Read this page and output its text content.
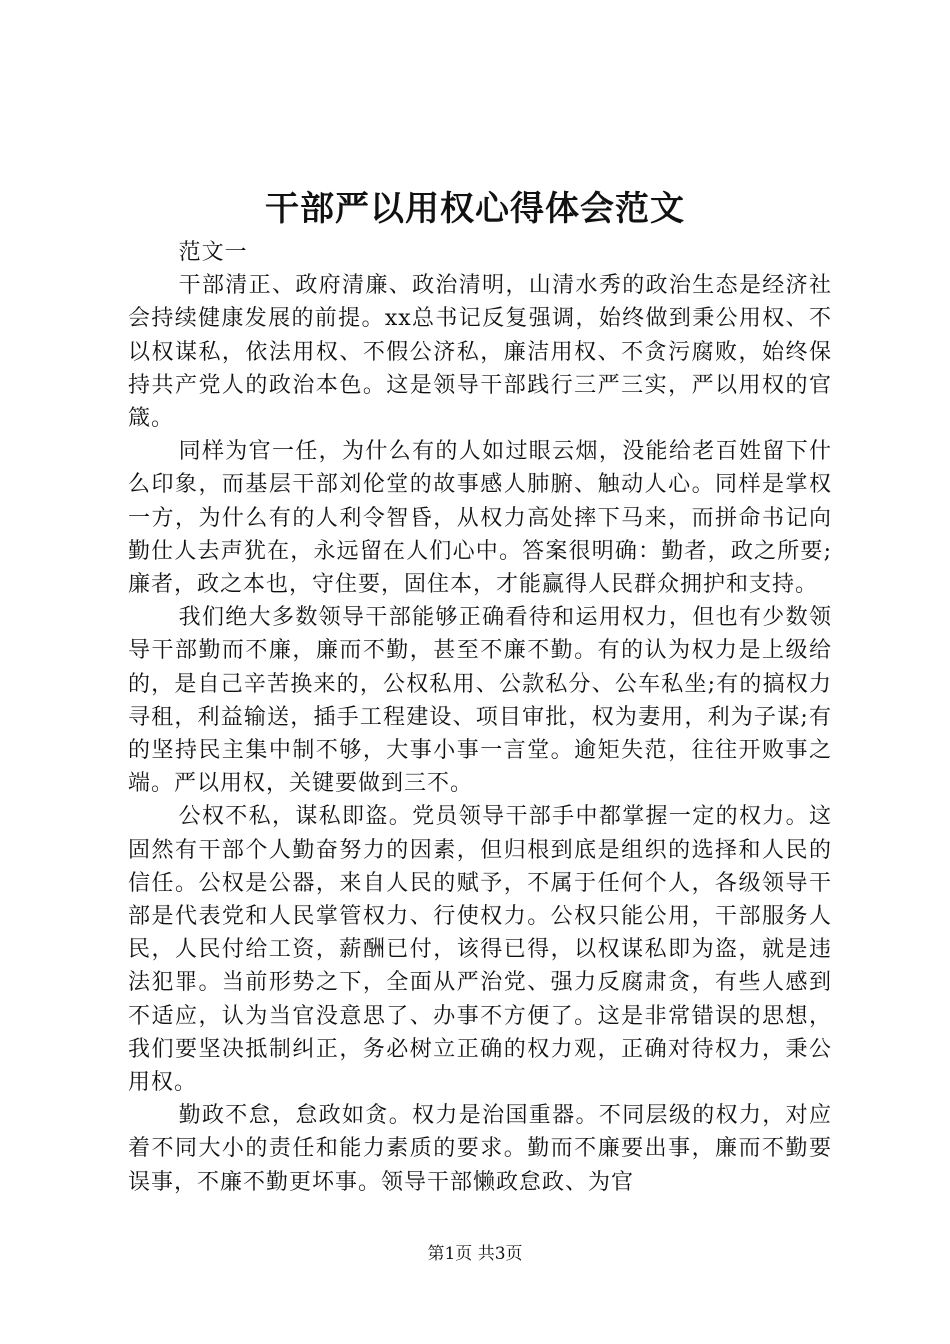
干部严以用权心得体会范文

范文一

干部清正、政府清廉、政治清明，山清水秀的政治生态是经济社会持续健康发展的前提。xx总书记反复强调，始终做到秉公用权、不以权谋私，依法用权、不假公济私，廉洁用权、不贪污腐败，始终保持共产党人的政治本色。这是领导干部践行三严三实，严以用权的官箴。

同样为官一任，为什么有的人如过眼云烟，没能给老百姓留下什么印象，而基层干部刘伦堂的故事感人肺腑、触动人心。同样是掌权一方，为什么有的人利令智昏，从权力高处摔下马来，而拼命书记向勤仕人去声犹在，永远留在人们心中。答案很明确：勤者，政之所要;廉者，政之本也，守住要，固住本，才能赢得人民群众拥护和支持。

我们绝大多数领导干部能够正确看待和运用权力，但也有少数领导干部勤而不廉，廉而不勤，甚至不廉不勤。有的认为权力是上级给的，是自己辛苦换来的，公权私用、公款私分、公车私坐;有的搞权力寻租，利益输送，插手工程建设、项目审批，权为妻用，利为子谋;有的坚持民主集中制不够，大事小事一言堂。逾矩失范，往往开败事之端。严以用权，关键要做到三不。

公权不私，谋私即盗。党员领导干部手中都掌握一定的权力。这固然有干部个人勤奋努力的因素，但归根到底是组织的选择和人民的信任。公权是公器，来自人民的赋予，不属于任何个人，各级领导干部是代表党和人民掌管权力、行使权力。公权只能公用，干部服务人民，人民付给工资，薪酬已付，该得已得，以权谋私即为盗，就是违法犯罪。当前形势之下，全面从严治党、强力反腐肃贪，有些人感到不适应，认为当官没意思了、办事不方便了。这是非常错误的思想，我们要坚决抵制纠正，务必树立正确的权力观，正确对待权力，秉公用权。

勤政不怠，怠政如贪。权力是治国重器。不同层级的权力，对应着不同大小的责任和能力素质的要求。勤而不廉要出事，廉而不勤要误事，不廉不勤更坏事。领导干部懒政怠政、为官

第1页 共3页
